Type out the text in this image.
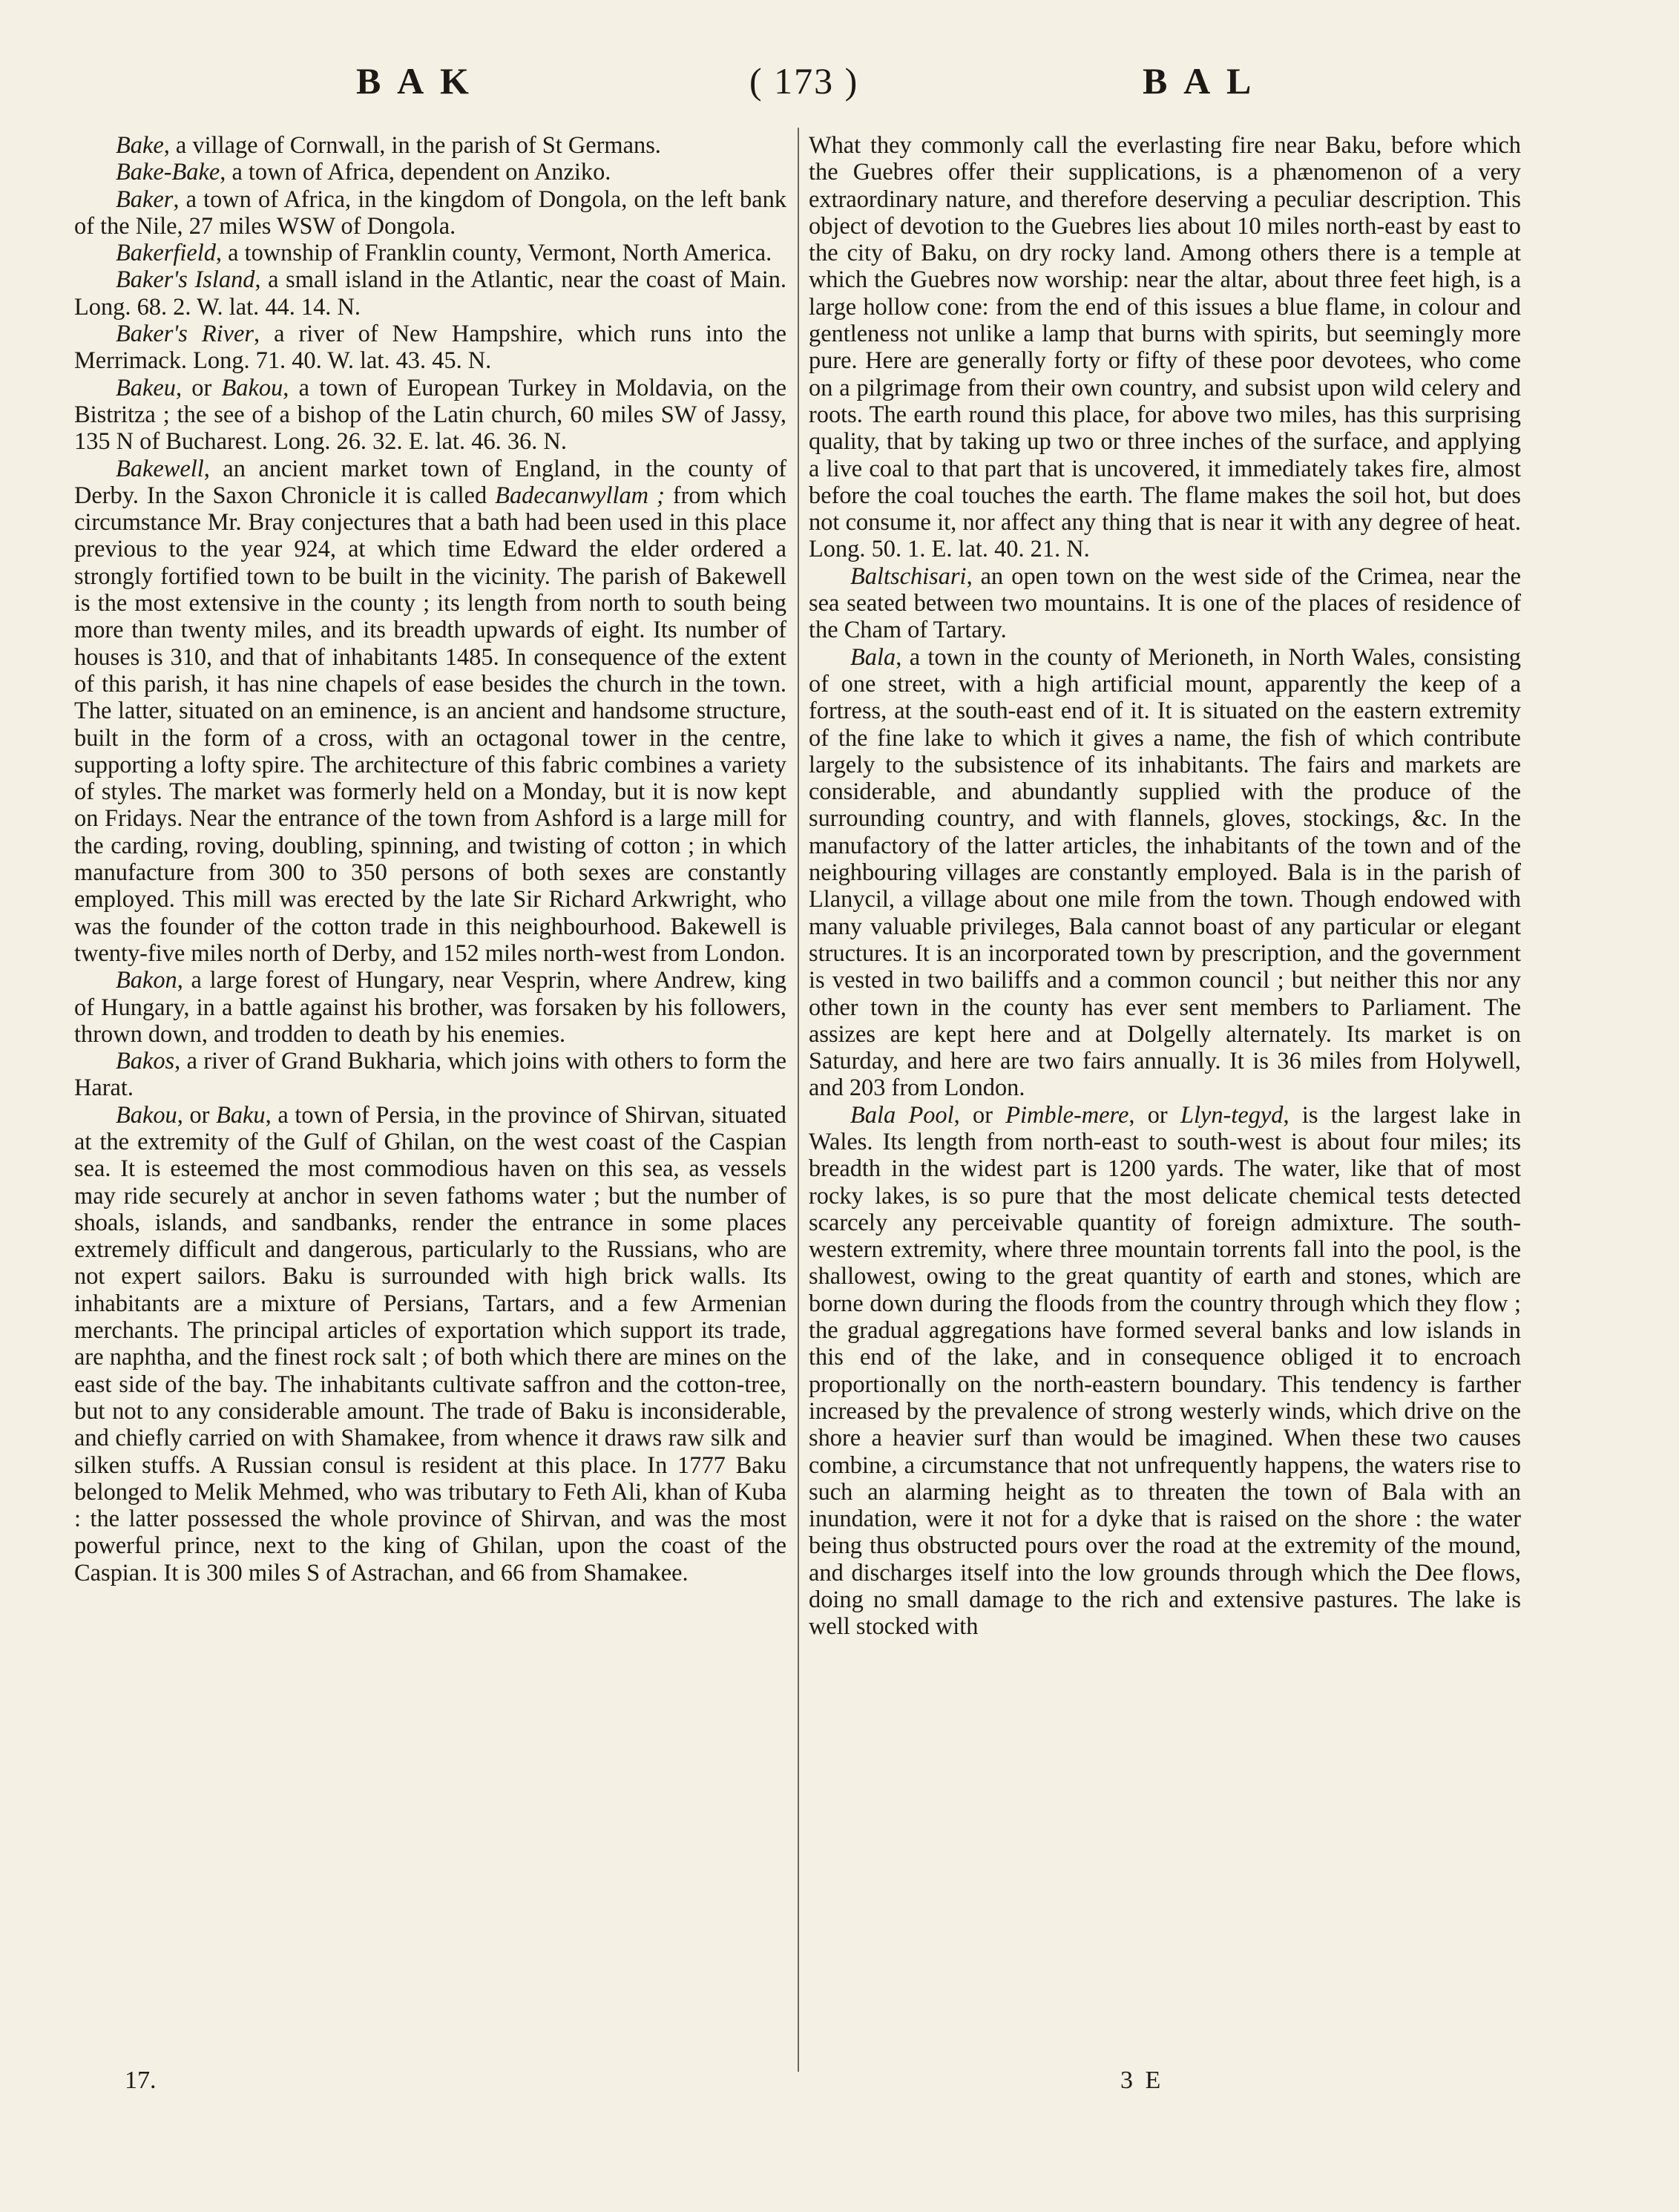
B A K	( 173 )	B A L

Bake, a village of Cornwall, in the parish of St Germans.

Bake-Bake, a town of Africa, dependent on Anziko.

Baker, a town of Africa, in the kingdom of Dongola, on the left bank of the Nile, 27 miles WSW of Dongola.

Bakerfield, a township of Franklin county, Vermont, North America.

Baker's Island, a small island in the Atlantic, near the coast of Main. Long. 68. 2. W. lat. 44. 14. N.

Baker's River, a river of New Hampshire, which runs into the Merrimack. Long. 71. 40. W. lat. 43. 45. N.

Bakeu, or Bakou, a town of European Turkey in Moldavia, on the Bistritza ; the see of a bishop of the Latin church, 60 miles SW of Jassy, 135 N of Bucharest. Long. 26. 32. E. lat. 46. 36. N.

Bakewell, an ancient market town of England, in the county of Derby. In the Saxon Chronicle it is called Badecanwyllam ; from which circumstance Mr. Bray conjectures that a bath had been used in this place previous to the year 924, at which time Edward the elder ordered a strongly fortified town to be built in the vicinity. The parish of Bakewell is the most extensive in the county ; its length from north to south being more than twenty miles, and its breadth upwards of eight. Its number of houses is 310, and that of inhabitants 1485. In consequence of the extent of this parish, it has nine chapels of ease besides the church in the town. The latter, situated on an eminence, is an ancient and handsome structure, built in the form of a cross, with an octagonal tower in the centre, supporting a lofty spire. The architecture of this fabric combines a variety of styles. The market was formerly held on a Monday, but it is now kept on Fridays. Near the entrance of the town from Ashford is a large mill for the carding, roving, doubling, spinning, and twisting of cotton ; in which manufacture from 300 to 350 persons of both sexes are constantly employed. This mill was erected by the late Sir Richard Arkwright, who was the founder of the cotton trade in this neighbourhood. Bakewell is twenty-five miles north of Derby, and 152 miles north-west from London.

Bakon, a large forest of Hungary, near Vesprin, where Andrew, king of Hungary, in a battle against his brother, was forsaken by his followers, thrown down, and trodden to death by his enemies.

Bakos, a river of Grand Bukharia, which joins with others to form the Harat.

Bakou, or Baku, a town of Persia, in the province of Shirvan, situated at the extremity of the Gulf of Ghilan, on the west coast of the Caspian sea. It is esteemed the most commodious haven on this sea, as vessels may ride securely at anchor in seven fathoms water ; but the number of shoals, islands, and sandbanks, render the entrance in some places extremely difficult and dangerous, particularly to the Russians, who are not expert sailors. Baku is surrounded with high brick walls. Its inhabitants are a mixture of Persians, Tartars, and a few Armenian merchants. The principal articles of exportation which support its trade, are naphtha, and the finest rock salt ; of both which there are mines on the east side of the bay. The inhabitants cultivate saffron and the cotton-tree, but not to any considerable amount. The trade of Baku is inconsiderable, and chiefly carried on with Shamakee, from whence it draws raw silk and silken stuffs. A Russian consul is resident at this place. In 1777 Baku belonged to Melik Mehmed, who was tributary to Feth Ali, khan of Kuba : the latter possessed the whole province of Shirvan, and was the most powerful prince, next to the king of Ghilan, upon the coast of the Caspian. It is 300 miles S of Astrachan, and 66 from Shamakee.

What they commonly call the everlasting fire near Baku, before which the Guebres offer their supplications, is a phænomenon of a very extraordinary nature, and therefore deserving a peculiar description. This object of devotion to the Guebres lies about 10 miles north-east by east to the city of Baku, on dry rocky land. Among others there is a temple at which the Guebres now worship: near the altar, about three feet high, is a large hollow cone: from the end of this issues a blue flame, in colour and gentleness not unlike a lamp that burns with spirits, but seemingly more pure. Here are generally forty or fifty of these poor devotees, who come on a pilgrimage from their own country, and subsist upon wild celery and roots. The earth round this place, for above two miles, has this surprising quality, that by taking up two or three inches of the surface, and applying a live coal to that part that is uncovered, it immediately takes fire, almost before the coal touches the earth. The flame makes the soil hot, but does not consume it, nor affect any thing that is near it with any degree of heat. Long. 50. 1. E. lat. 40. 21. N.

Baltschisari, an open town on the west side of the Crimea, near the sea seated between two mountains. It is one of the places of residence of the Cham of Tartary.

Bala, a town in the county of Merioneth, in North Wales, consisting of one street, with a high artificial mount, apparently the keep of a fortress, at the south-east end of it. It is situated on the eastern extremity of the fine lake to which it gives a name, the fish of which contribute largely to the subsistence of its inhabitants. The fairs and markets are considerable, and abundantly supplied with the produce of the surrounding country, and with flannels, gloves, stockings, &c. In the manufactory of the latter articles, the inhabitants of the town and of the neighbouring villages are constantly employed. Bala is in the parish of Llanycil, a village about one mile from the town. Though endowed with many valuable privileges, Bala cannot boast of any particular or elegant structures. It is an incorporated town by prescription, and the government is vested in two bailiffs and a common council ; but neither this nor any other town in the county has ever sent members to Parliament. The assizes are kept here and at Dolgelly alternately. Its market is on Saturday, and here are two fairs annually. It is 36 miles from Holywell, and 203 from London.

Bala Pool, or Pimble-mere, or Llyn-tegyd, is the largest lake in Wales. Its length from north-east to south-west is about four miles; its breadth in the widest part is 1200 yards. The water, like that of most rocky lakes, is so pure that the most delicate chemical tests detected scarcely any perceivable quantity of foreign admixture. The south-western extremity, where three mountain torrents fall into the pool, is the shallowest, owing to the great quantity of earth and stones, which are borne down during the floods from the country through which they flow ; the gradual aggregations have formed several banks and low islands in this end of the lake, and in consequence obliged it to encroach proportionally on the north-eastern boundary. This tendency is farther increased by the prevalence of strong westerly winds, which drive on the shore a heavier surf than would be imagined. When these two causes combine, a circumstance that not unfrequently happens, the waters rise to such an alarming height as to threaten the town of Bala with an inundation, were it not for a dyke that is raised on the shore : the water being thus obstructed pours over the road at the extremity of the mound, and discharges itself into the low grounds through which the Dee flows, doing no small damage to the rich and extensive pastures. The lake is well stocked with

17.	3 E
